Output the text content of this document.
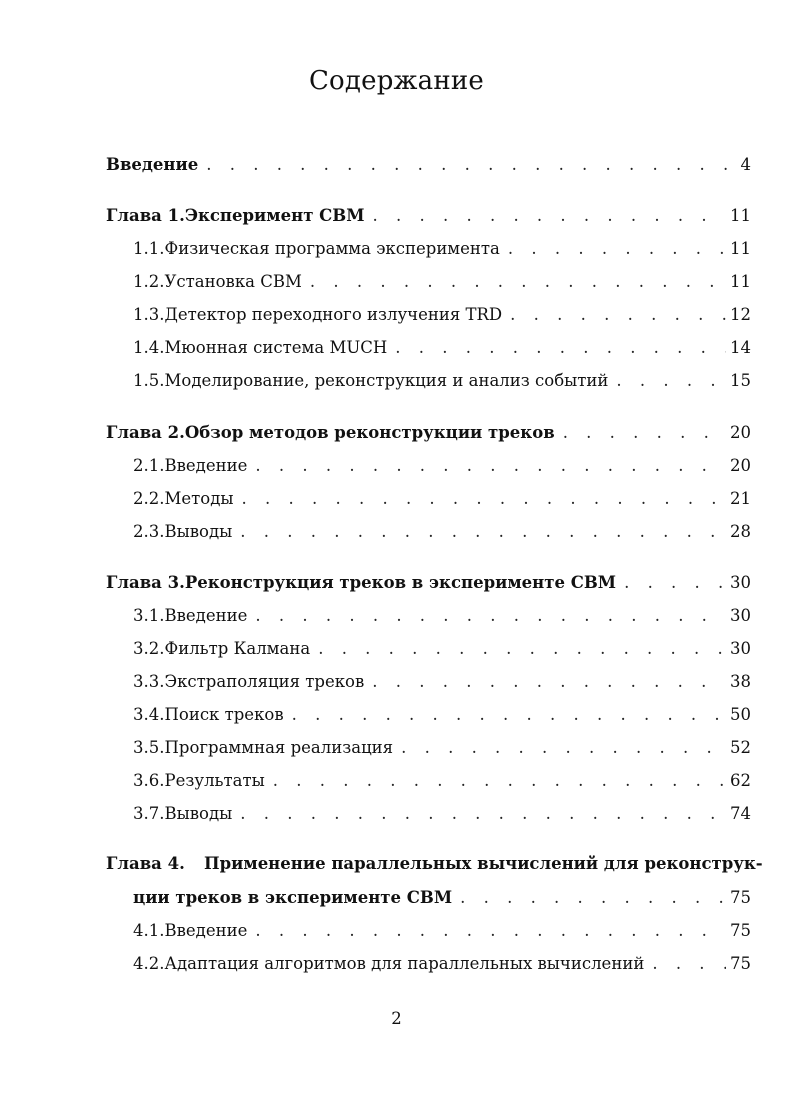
Содержание
Введение . . .	4
Глава 1. Эксперимент CBM . . .	11
1.1. Физическая программа эксперимента . . .	11
1.2. Установка CBM . . .	11
1.3. Детектор переходного излучения TRD . . .	12
1.4. Мюонная система MUCH . . .	14
1.5. Моделирование, реконструкция и анализ событий . . .	15
Глава 2. Обзор методов реконструкции треков . . .	20
2.1. Введение . . .	20
2.2. Методы . . .	21
2.3. Выводы . . .	28
Глава 3. Реконструкция треков в эксперименте CBM . . .	30
3.1. Введение . . .	30
3.2. Фильтр Калмана . . .	30
3.3. Экстраполяция треков . . .	38
3.4. Поиск треков . . .	50
3.5. Программная реализация . . .	52
3.6. Результаты . . .	62
3.7. Выводы . . .	74
Глава 4. Применение параллельных вычислений для реконструк-
ции треков в эксперименте CBM . . .	75
4.1. Введение . . .	75
4.2. Адаптация алгоритмов для параллельных вычислений . . .	75
2
